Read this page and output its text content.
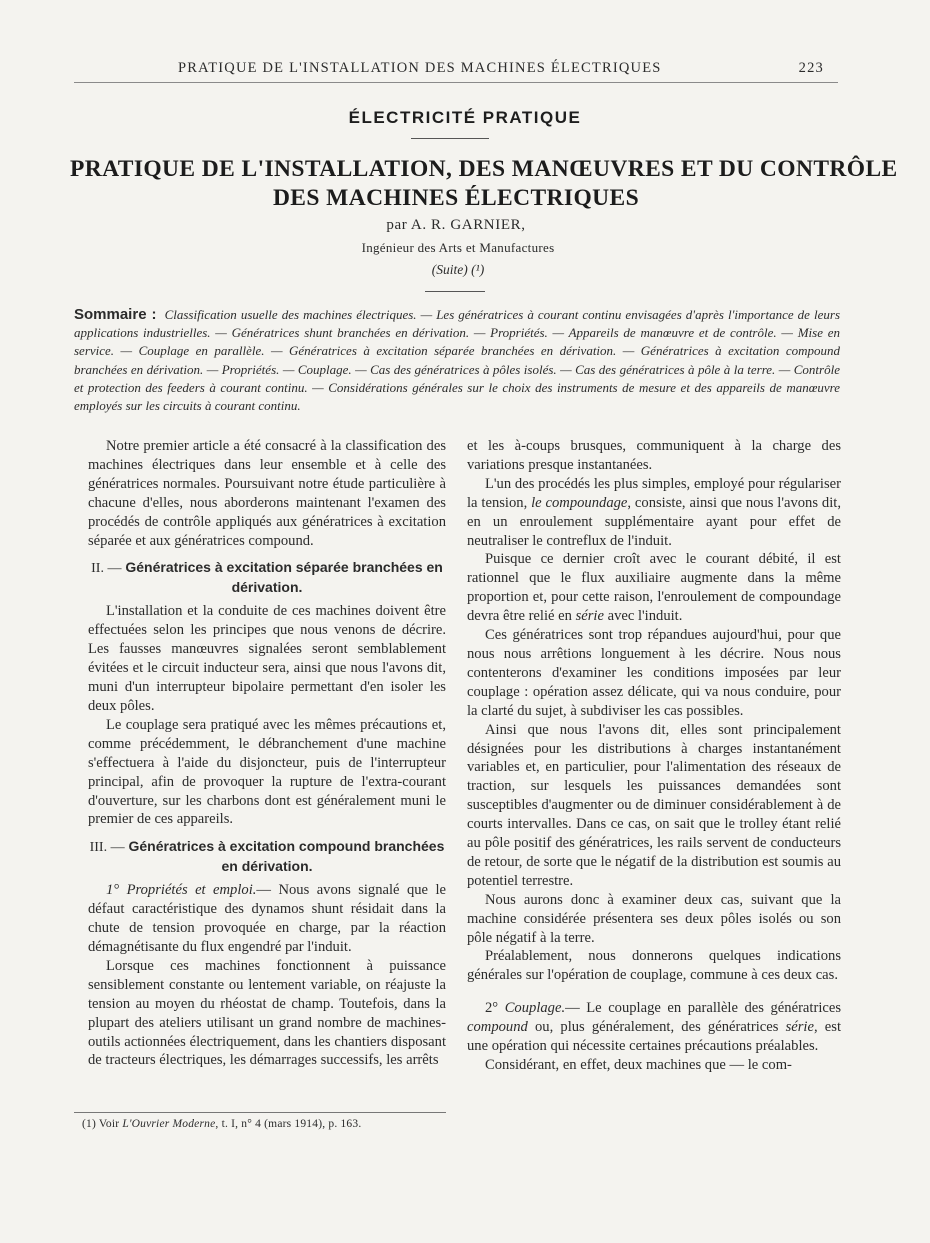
PRATIQUE DE L'INSTALLATION DES MACHINES ÉLECTRIQUES	223
ÉLECTRICITÉ PRATIQUE
PRATIQUE DE L'INSTALLATION, DES MANŒUVRES ET DU CONTRÔLE
DES MACHINES ÉLECTRIQUES
par A. R. GARNIER,
Ingénieur des Arts et Manufactures
(Suite) (¹)
Sommaire : Classification usuelle des machines électriques. — Les génératrices à courant continu envisagées d'après l'importance de leurs applications industrielles. — Génératrices shunt branchées en dérivation. — Propriétés. — Appareils de manœuvre et de contrôle. — Mise en service. — Couplage en parallèle. — Génératrices à excitation séparée branchées en dérivation. — Génératrices à excitation compound branchées en dérivation. — Propriétés. — Couplage. — Cas des génératrices à pôles isolés. — Cas des génératrices à pôle à la terre. — Contrôle et protection des feeders à courant continu. — Considérations générales sur le choix des instruments de mesure et des appareils de manœuvre employés sur les circuits à courant continu.

Notre premier article a été consacré à la classification des machines électriques dans leur ensemble et à celle des génératrices normales. Poursuivant notre étude particulière à chacune d'elles, nous aborderons maintenant l'examen des procédés de contrôle appliqués aux génératrices à excitation séparée et aux génératrices compound.

II. — Génératrices à excitation séparée branchées en dérivation.

L'installation et la conduite de ces machines doivent être effectuées selon les principes que nous venons de décrire. Les fausses manœuvres signalées seront semblablement évitées et le circuit inducteur sera, ainsi que nous l'avons dit, muni d'un interrupteur bipolaire permettant d'en isoler les deux pôles.

Le couplage sera pratiqué avec les mêmes précautions et, comme précédemment, le débranchement d'une machine s'effectuera à l'aide du disjoncteur, puis de l'interrupteur principal, afin de provoquer la rupture de l'extra-courant d'ouverture, sur les charbons dont est généralement muni le premier de ces appareils.

III. — Génératrices à excitation compound branchées en dérivation.

1° Propriétés et emploi.— Nous avons signalé que le défaut caractéristique des dynamos shunt résidait dans la chute de tension provoquée en charge, par la réaction démagnétisante du flux engendré par l'induit.

Lorsque ces machines fonctionnent à puissance sensiblement constante ou lentement variable, on réajuste la tension au moyen du rhéostat de champ. Toutefois, dans la plupart des ateliers utilisant un grand nombre de machines-outils actionnées électriquement, dans les chantiers disposant de tracteurs électriques, les démarrages successifs, les arrêts

et les à-coups brusques, communiquent à la charge des variations presque instantanées.

L'un des procédés les plus simples, employé pour régulariser la tension, le compoundage, consiste, ainsi que nous l'avons dit, en un enroulement supplémentaire ayant pour effet de neutraliser le contreflux de l'induit.

Puisque ce dernier croît avec le courant débité, il est rationnel que le flux auxiliaire augmente dans la même proportion et, pour cette raison, l'enroulement de compoundage devra être relié en série avec l'induit.

Ces génératrices sont trop répandues aujourd'hui, pour que nous nous arrêtions longuement à les décrire. Nous nous contenterons d'examiner les conditions imposées par leur couplage : opération assez délicate, qui va nous conduire, pour la clarté du sujet, à subdiviser les cas possibles.

Ainsi que nous l'avons dit, elles sont principalement désignées pour les distributions à charges instantanément variables et, en particulier, pour l'alimentation des réseaux de traction, sur lesquels les puissances demandées sont susceptibles d'augmenter ou de diminuer considérablement à de courts intervalles. Dans ce cas, on sait que le trolley étant relié au pôle positif des génératrices, les rails servent de conducteurs de retour, de sorte que le négatif de la distribution est soumis au potentiel terrestre.

Nous aurons donc à examiner deux cas, suivant que la machine considérée présentera ses deux pôles isolés ou son pôle négatif à la terre.

Préalablement, nous donnerons quelques indications générales sur l'opération de couplage, commune à ces deux cas.

2° Couplage.— Le couplage en parallèle des génératrices compound ou, plus généralement, des génératrices série, est une opération qui nécessite certaines précautions préalables.

Considérant, en effet, deux machines que — le com-

(1) Voir L'Ouvrier Moderne, t. I, n° 4 (mars 1914), p. 163.
